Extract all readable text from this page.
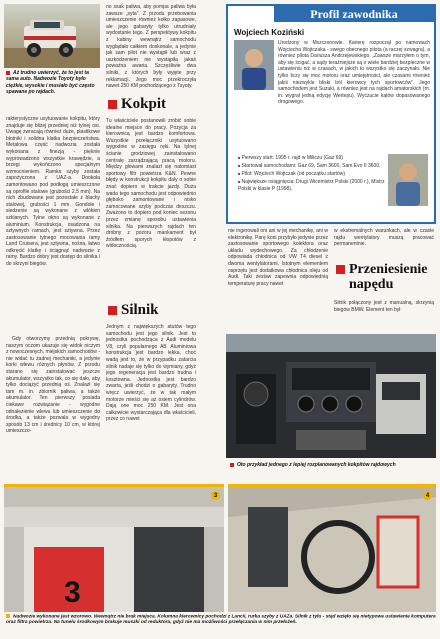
Aż trudno uwierzyć, że to jest ta sama auto. Nadwozie Toyoty było ciężkie, wysokie i musiało być często spawane po rajdach.
rakterystyczne usytuowanie kokpitu, który znajduje się bliżej przedniej niż tylnej osi. Uwagę zwracają również duże, plastikowe błotniki i solidna klatka bezpieczeństwa. Metalowa część nadwozia została wykonana z finezją - pięknie wyprowadzono wszystkie krawędzie, a brzegi wykończono specjalnym wzmocnieniem. Ramka szyby została zapożyczona z UAZ-a. Dookoła zamontowano pod podłogą umieszczone są oprofile stalowe (grubości 2,5 mm). Na nich zbudowane jest pozostałe z blachy stalowej, grubości 1 mm. Gondole i siedzenie są wykonane z włókien szklanych. Tylne okno są wykonane z aluminium. Konstrukcja, osadzona na sztywnych ramach, jest sztywna. Przez zastosowanie tylnego mocowania ramy Land Cruiserа, jest sztywna, nośna, łatwo odkręcić klatkę i ściągnąć nadwozie z ramy. Bardzo dobry jest dostęp do silnika i do skrzyni biegów.
Gdy otworzymy przednią pokrywę, naszym oczom ukazuje się widok niczym z nowoczesnych, miejskich samochodów - nie widać tu żadnej mechaniki, a jedynie korki wlewu różnych płynów. Z przodu starano się zainstalować jeszcze akumulator, wszystko tak, co się dało, aby tylko dociążyć przednią oś. Znalazł się tam m. in. zbiornik paliwa, a także akumulator. Ten pierwszy posiada ciekawe rozwiązanie - wygodne odnalezienie wlewu lub umieszczenie do środka, a także pozwala w wygodny sposób 13 cm i średnicy 10 cm, w której umieszczo-
no ssak paliwa, aby pompa paliwa była zawsze „syta”. Z przodu przebowania umieszczenie również kołko zapasowe, ale jego gabaryty tylko utrudniały wydostanie tego. Z perspektywy kokpitu z kabiny wewnątrz samochodu wyglądało całkiem doskonale, a jedynie jak sam pilot nie wystąpił lub wraz z uszkodzeniem nie wystąpiła jakaś poważna awaria. Szczęśliwie dwa silniki, z których były wyjęte przy reklamacji. Jego moc przekroczyła nawet 250 KM pochodzącego z Toyoty.
Kokpit
Tu właściciele postanowili zrobić sobie idealne miejsce do pracy. Pozycja za kierownicą jest bardzo komfortowa. Wszystkie przełączniki usytuowano wygodnie w zasięgu ręki. Na tylnej ścianie grodziowej zainstalowano centralę zarządzającą pracą motoru. Między głowami znalazł się natomiast sportowy filtr powietrza K&N. Pewne błędy w konstrukcji kokpitu daly o sobie znać dopiero w trakcie jazdy. Duża wada tego samochodu jest odpowiednio głęboko zamontowane i nisko zamocowane szyby podczas deszczu. Zważono to dopiero pod koniec sezonu przez zmianę sposobu ustawienia silnika. Na pierwszych rajdach ten drobny z pozoru mankament był źródłem sporych kłopotów z widocznością.
Silnik
Jednym z największych atutów tego samochodu jest jego silnik. Jest to jednostka pochodząca z Audi modelu V8, czyli popularnego A8. Aluminiowa konstrukcja jest bardzo lekka, choć wadą jest to, że w przypadku zatarcia silnik nadaje się tylko do wymiany, gdyż jego regeneracja jest bardzo trudna i kosztowna. Jednostka jest bardzo zwarta, jeśli chodzi o gabaryty. Trudno wręcz uwierzyć, że w tak małym motorze mieści się aż osiem cylindrów. Dają one moc 250 KM. Jest ona całkowicie wystarczająca dla właścicieli, przez co nawet
Profil zawodnika
Wojciech Koziński
Urodzony w Mszczonowie. Karierę rozpoczął po namowach Wojciecha Wojtczaka - swego obecnego pilota (a raczej szwagra), a równiez pilota Dariusza Andrzejewskiego. „Zawsze marzyłem o tym, aby się ścigać, a sądy teraźniejsze są o wiele bardziej bezpieczne w ustawieniu niż w czasach, w jakich to wszystko się zaczynało. Nie tylko liczy się moc motoru oraz umiejętności, ale czasami również jakiś niezwykle bliski ból kierowcy tych sportowców”. Jego samochodem jest Suzuki, a równiez jest na rajdach amatorskich (m. in. wygrał jedną edycję Wertepu). Wyczucie kątów dopasowanego drogowego.
■ Pierwszy start: 1995 r. rajd w Miliczu (Gaz 69)
■ Startował samochodami: Gaz 69, Sam 3600, Sam Evo II 3600.
■ Pilot: Wojciech Wojtczak (od początku startów)
■ Największe osiągnięcia: Drugi Wicemistrz Polski (2000 r.), Mistrz Polski w klasie P (1998).
nie ingerowali oni ani w jej mechanikę, ani w elektronikę. Parę koni przybyło jedynie przez zastosowanie sportowego kolektora oraz układu wydechowego. Za chłodzenie odpowiada chłodnica od VW T4 diesel z dwoma wentylatorami. Istotnym elementem osprzętu jest dodatkowa chłodnica oleju od Audi. Taki zestaw zapewnia odpowiednią temperaturę pracy nawet
w ekstremalnych warunkach, ale w czasie rajdu wentylatory muszą pracować permanentnie.
Przeniesienie napędu
Silnik połączony jest z manualną, skrzynią biegów BMW. Element ten był
Oto przykład jednego z lepiej rozplanowanych kokpitów rajdowych
3
3	4
Nadwozie wykonane jest wzorowo. Wewnątrz nie brak miejsca. Kolumna kierownicy pochodzi z Lancii, rurka szyby z UAZa. Silnik z tyłu - stąd wzięło się nietypowe ustawienie komputera oraz filtra powietrza. Na tunelu środkowym brakuje muszki od reduktora, gdyż nie ma możliwości przełączania w nim przełożeń.
